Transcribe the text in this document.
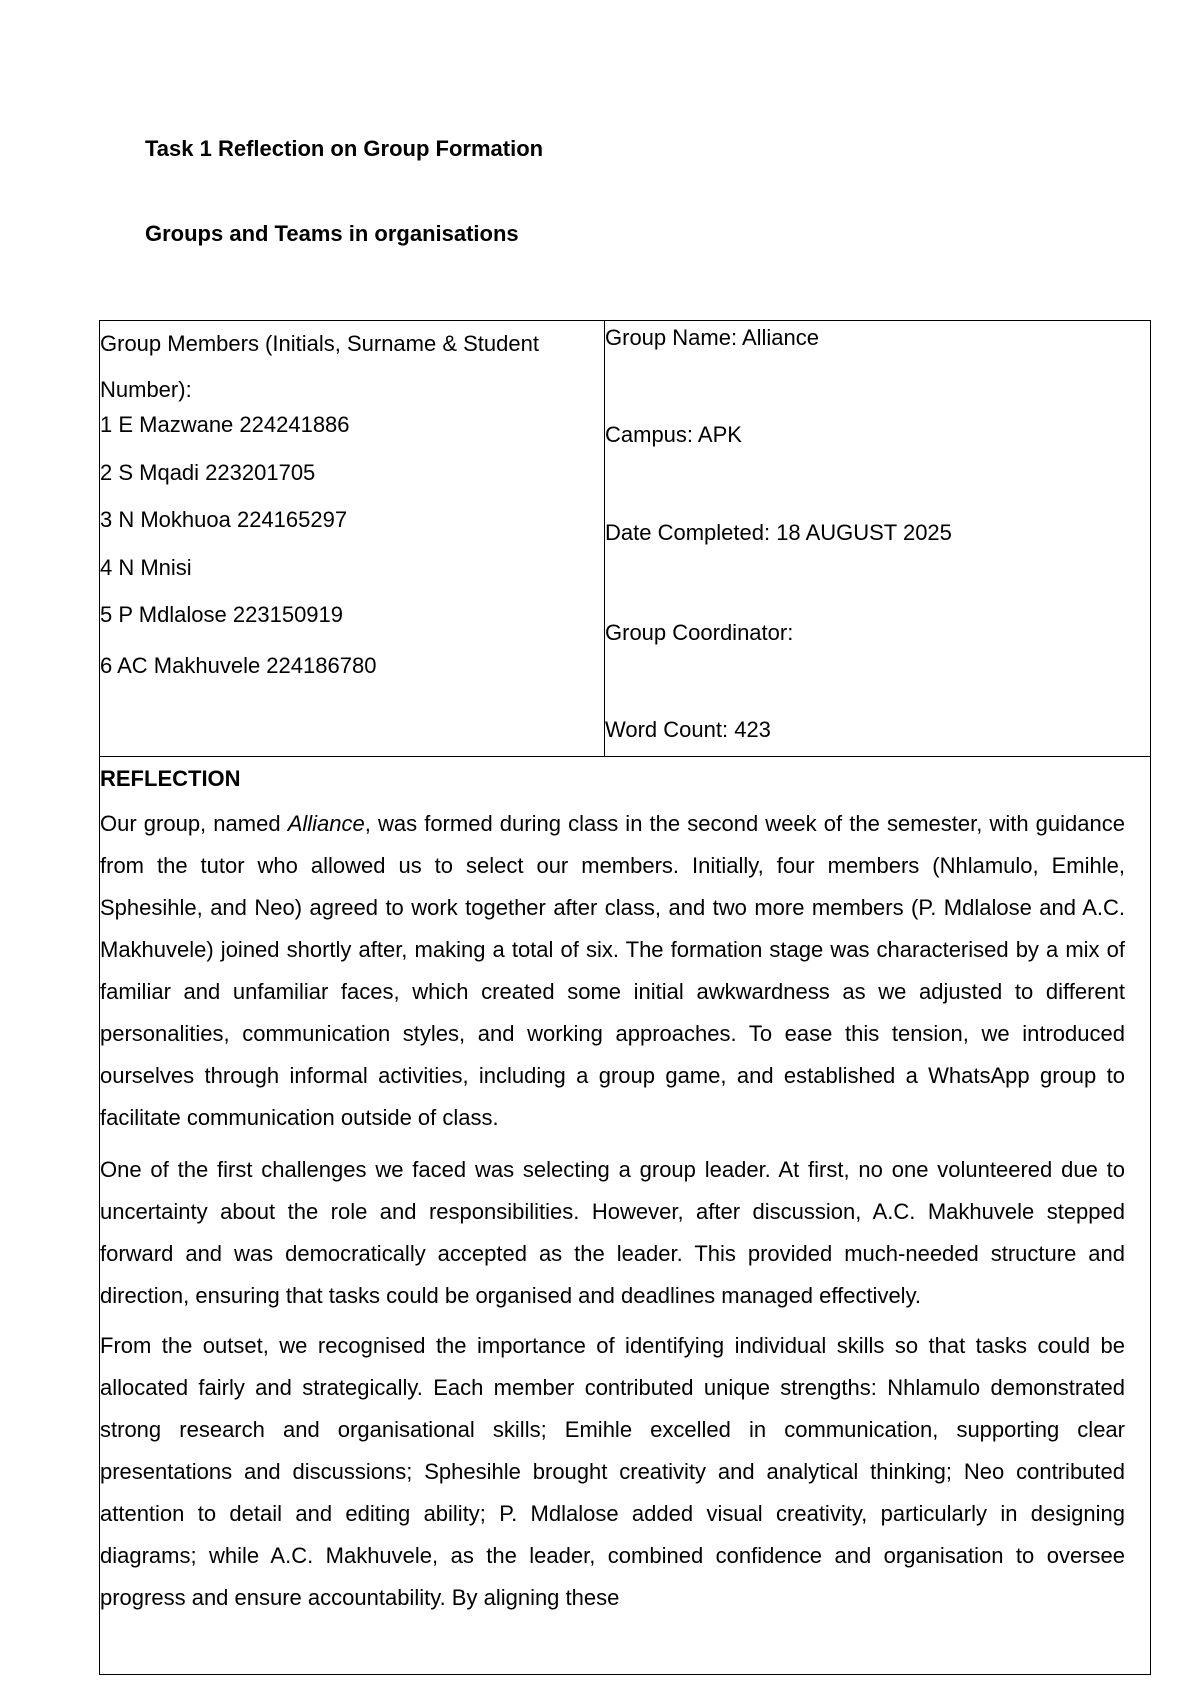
Task 1 Reflection on Group Formation

Groups and Teams in organisations

Group Members (Initials, Surname & Student Number):

1 E Mazwane 224241886

2 S Mqadi 223201705

3 N Mokhuoa 224165297

4 N Mnisi

5 P Mdlalose 223150919

6 AC Makhuvele 224186780

Group Name: Alliance

Campus: APK

Date Completed: 18 AUGUST 2025

Group Coordinator:

Word Count: 423

REFLECTION

Our group, named Alliance, was formed during class in the second week of the semester, with guidance from the tutor who allowed us to select our members. Initially, four members (Nhlamulo, Emihle, Sphesihle, and Neo) agreed to work together after class, and two more members (P. Mdlalose and A.C. Makhuvele) joined shortly after, making a total of six. The formation stage was characterised by a mix of familiar and unfamiliar faces, which created some initial awkwardness as we adjusted to different personalities, communication styles, and working approaches. To ease this tension, we introduced ourselves through informal activities, including a group game, and established a WhatsApp group to facilitate communication outside of class.

One of the first challenges we faced was selecting a group leader. At first, no one volunteered due to uncertainty about the role and responsibilities. However, after discussion, A.C. Makhuvele stepped forward and was democratically accepted as the leader. This provided much-needed structure and direction, ensuring that tasks could be organised and deadlines managed effectively.

From the outset, we recognised the importance of identifying individual skills so that tasks could be allocated fairly and strategically. Each member contributed unique strengths: Nhlamulo demonstrated strong research and organisational skills; Emihle excelled in communication, supporting clear presentations and discussions; Sphesihle brought creativity and analytical thinking; Neo contributed attention to detail and editing ability; P. Mdlalose added visual creativity, particularly in designing diagrams; while A.C. Makhuvele, as the leader, combined confidence and organisation to oversee progress and ensure accountability. By aligning these
